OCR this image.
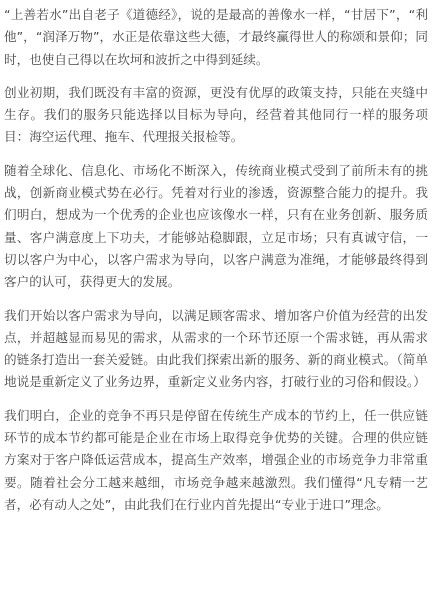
“上善若水”出自老子《道德经》，说的是最高的善像水一样，“甘居下”，“利他”，“润泽万物”，水正是依靠这些大德，才最终赢得世人的称颂和景仰；同时，也使自己得以在坎坷和波折之中得到延续。

创业初期，我们既没有丰富的资源，更没有优厚的政策支持，只能在夹缝中生存。我们的服务只能选择以目标为导向，经营着其他同行一样的服务项目：海空运代理、拖车、代理报关报检等。

随着全球化、信息化、市场化不断深入，传统商业模式受到了前所未有的挑战，创新商业模式势在必行。凭着对行业的渗透，资源整合能力的提升。我们明白，想成为一个优秀的企业也应该像水一样，只有在业务创新、服务质量、客户满意度上下功夫，才能够站稳脚跟，立足市场；只有真诚守信，一切以客户为中心，以客户需求为导向，以客户满意为准绳，才能够最终得到客户的认可，获得更大的发展。

我们开始以客户需求为导向，以满足顾客需求、增加客户价值为经营的出发点，并超越显而易见的需求，从需求的一个环节还原一个需求链，再从需求的链条打造出一套关爱链。由此我们探索出新的服务、新的商业模式。（简单地说是重新定义了业务边界，重新定义业务内容，打破行业的习俗和假设。）

我们明白，企业的竞争不再只是停留在传统生产成本的节约上，任一供应链环节的成本节约都可能是企业在市场上取得竞争优势的关键。合理的供应链方案对于客户降低运营成本，提高生产效率，增强企业的市场竞争力非常重要。随着社会分工越来越细，市场竞争越来越激烈。我们懂得“凡专精一艺者，必有动人之处”，由此我们在行业内首先提出“专业于进口”理念。
